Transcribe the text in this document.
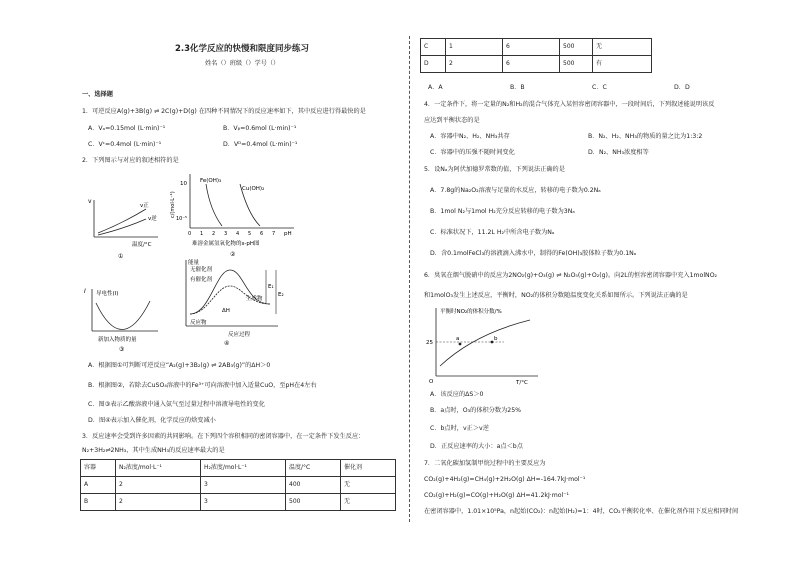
2.3化学反应的快慢和限度同步练习
姓名（）班级（）学号（）
一、选择题
1．可逆反应A(g)+3B(g) ⇌ 2C(g)+D(g) 在四种不同情况下的反应速率如下，其中反应进行得最快的是
A．Vₐ=0.15mol (L·min)⁻¹	B．Vᵦ=0.6mol (L·min)⁻¹
C．Vᶜ=0.4mol (L·min)⁻¹	D．Vᴰ=0.4mol (L·min)⁻¹
2．下列图示与对应的叙述相符的是
v
v正
v逆
温度/°C
①
10
10⁻⁵
c/(mol·L⁻¹)
Fe(OH)₃
Cu(OH)₂
0 1 2 3 4 5 6 7 pH
难溶金属氢氧化物的s-pH图
②
I 导电性(I)
新加入物质的量
③
能量
无催化剂
有催化剂
E₁
E₂
ΔH
生成物
反应物
反应过程
④
A．根据图①可判断可逆反应“A₂(g)+3B₂(g) ⇌ 2AB₃(g)”的ΔH＞0
B．根据图②，若除去CuSO₄溶液中的Fe³⁺可向溶液中加入适量CuO，至pH在4左右
C．图③表示乙酸溶液中通入氨气至过量过程中溶液导电性的变化
D．图④表示加入催化剂，化学反应的焓变减小
3．反应速率会受到许多因素的共同影响。在下列四个容积相同的密闭容器中，在一定条件下发生反应：
N₂+3H₂⇌2NH₃，其中生成NH₃的反应速率最大的是
容器	N₂浓度/mol·L⁻¹	H₂浓度/mol·L⁻¹	温度/°C	催化剂
A	2	3	400	无
B	2	3	500	无
C	1	6	500	无
D	2	6	500	有
A．A	B．B	C．C	D．D
4．一定条件下，将一定量的N₂和H₂的混合气体充入某恒容密闭容器中，一段时间后，下列叙述能说明该反
应达到平衡状态的是
A．容器中N₂、H₂、NH₃共存	B．N₂、H₂、NH₃的物质的量之比为1:3:2
C．容器中的压强不随时间变化	D．N₂、NH₃浓度相等
5．设Nₐ为阿伏加德罗常数的值，下列说法正确的是
A．7.8g的Na₂O₂溶液与足量的水反应，转移的电子数为0.2Nₐ
B．1mol N₂与1mol H₂充分反应转移的电子数为3Nₐ
C．标准状况下，11.2L H₂中所含电子数为Nₐ
D．含0.1molFeCl₃的溶液滴入沸水中，制得的Fe(OH)₃胶体粒子数为0.1Nₐ
6．臭氧在烟气脱硝中的反应为2NO₂(g)+O₃(g) ⇌ N₂O₅(g)+O₂(g)。向2L的恒容密闭容器中充入1molNO₂
和1molO₃发生上述反应，平衡时，NO₂的体积分数随温度变化关系如图所示。下列说法正确的是
平衡时NO₂的体积分数/%
25
a	b
O	T/°C
A．该反应的ΔS＞0
B．a点时，O₃的体积分数为25%
C．b点时，v正＞v逆
D．正反应速率的大小：a点＜b点
7．二氧化碳加氢制甲烷过程中的主要反应为
CO₂(g)+4H₂(g)=CH₄(g)+2H₂O(g) ΔH=-164.7kJ·mol⁻¹
CO₂(g)+H₂(g)=CO(g)+H₂O(g) ΔH=41.2kJ·mol⁻¹
在密闭容器中，1.01×10⁵Pa，n起始(CO₂)：n起始(H₂)=1：4时，CO₂平衡转化率、在催化剂作用下反应相同时间
